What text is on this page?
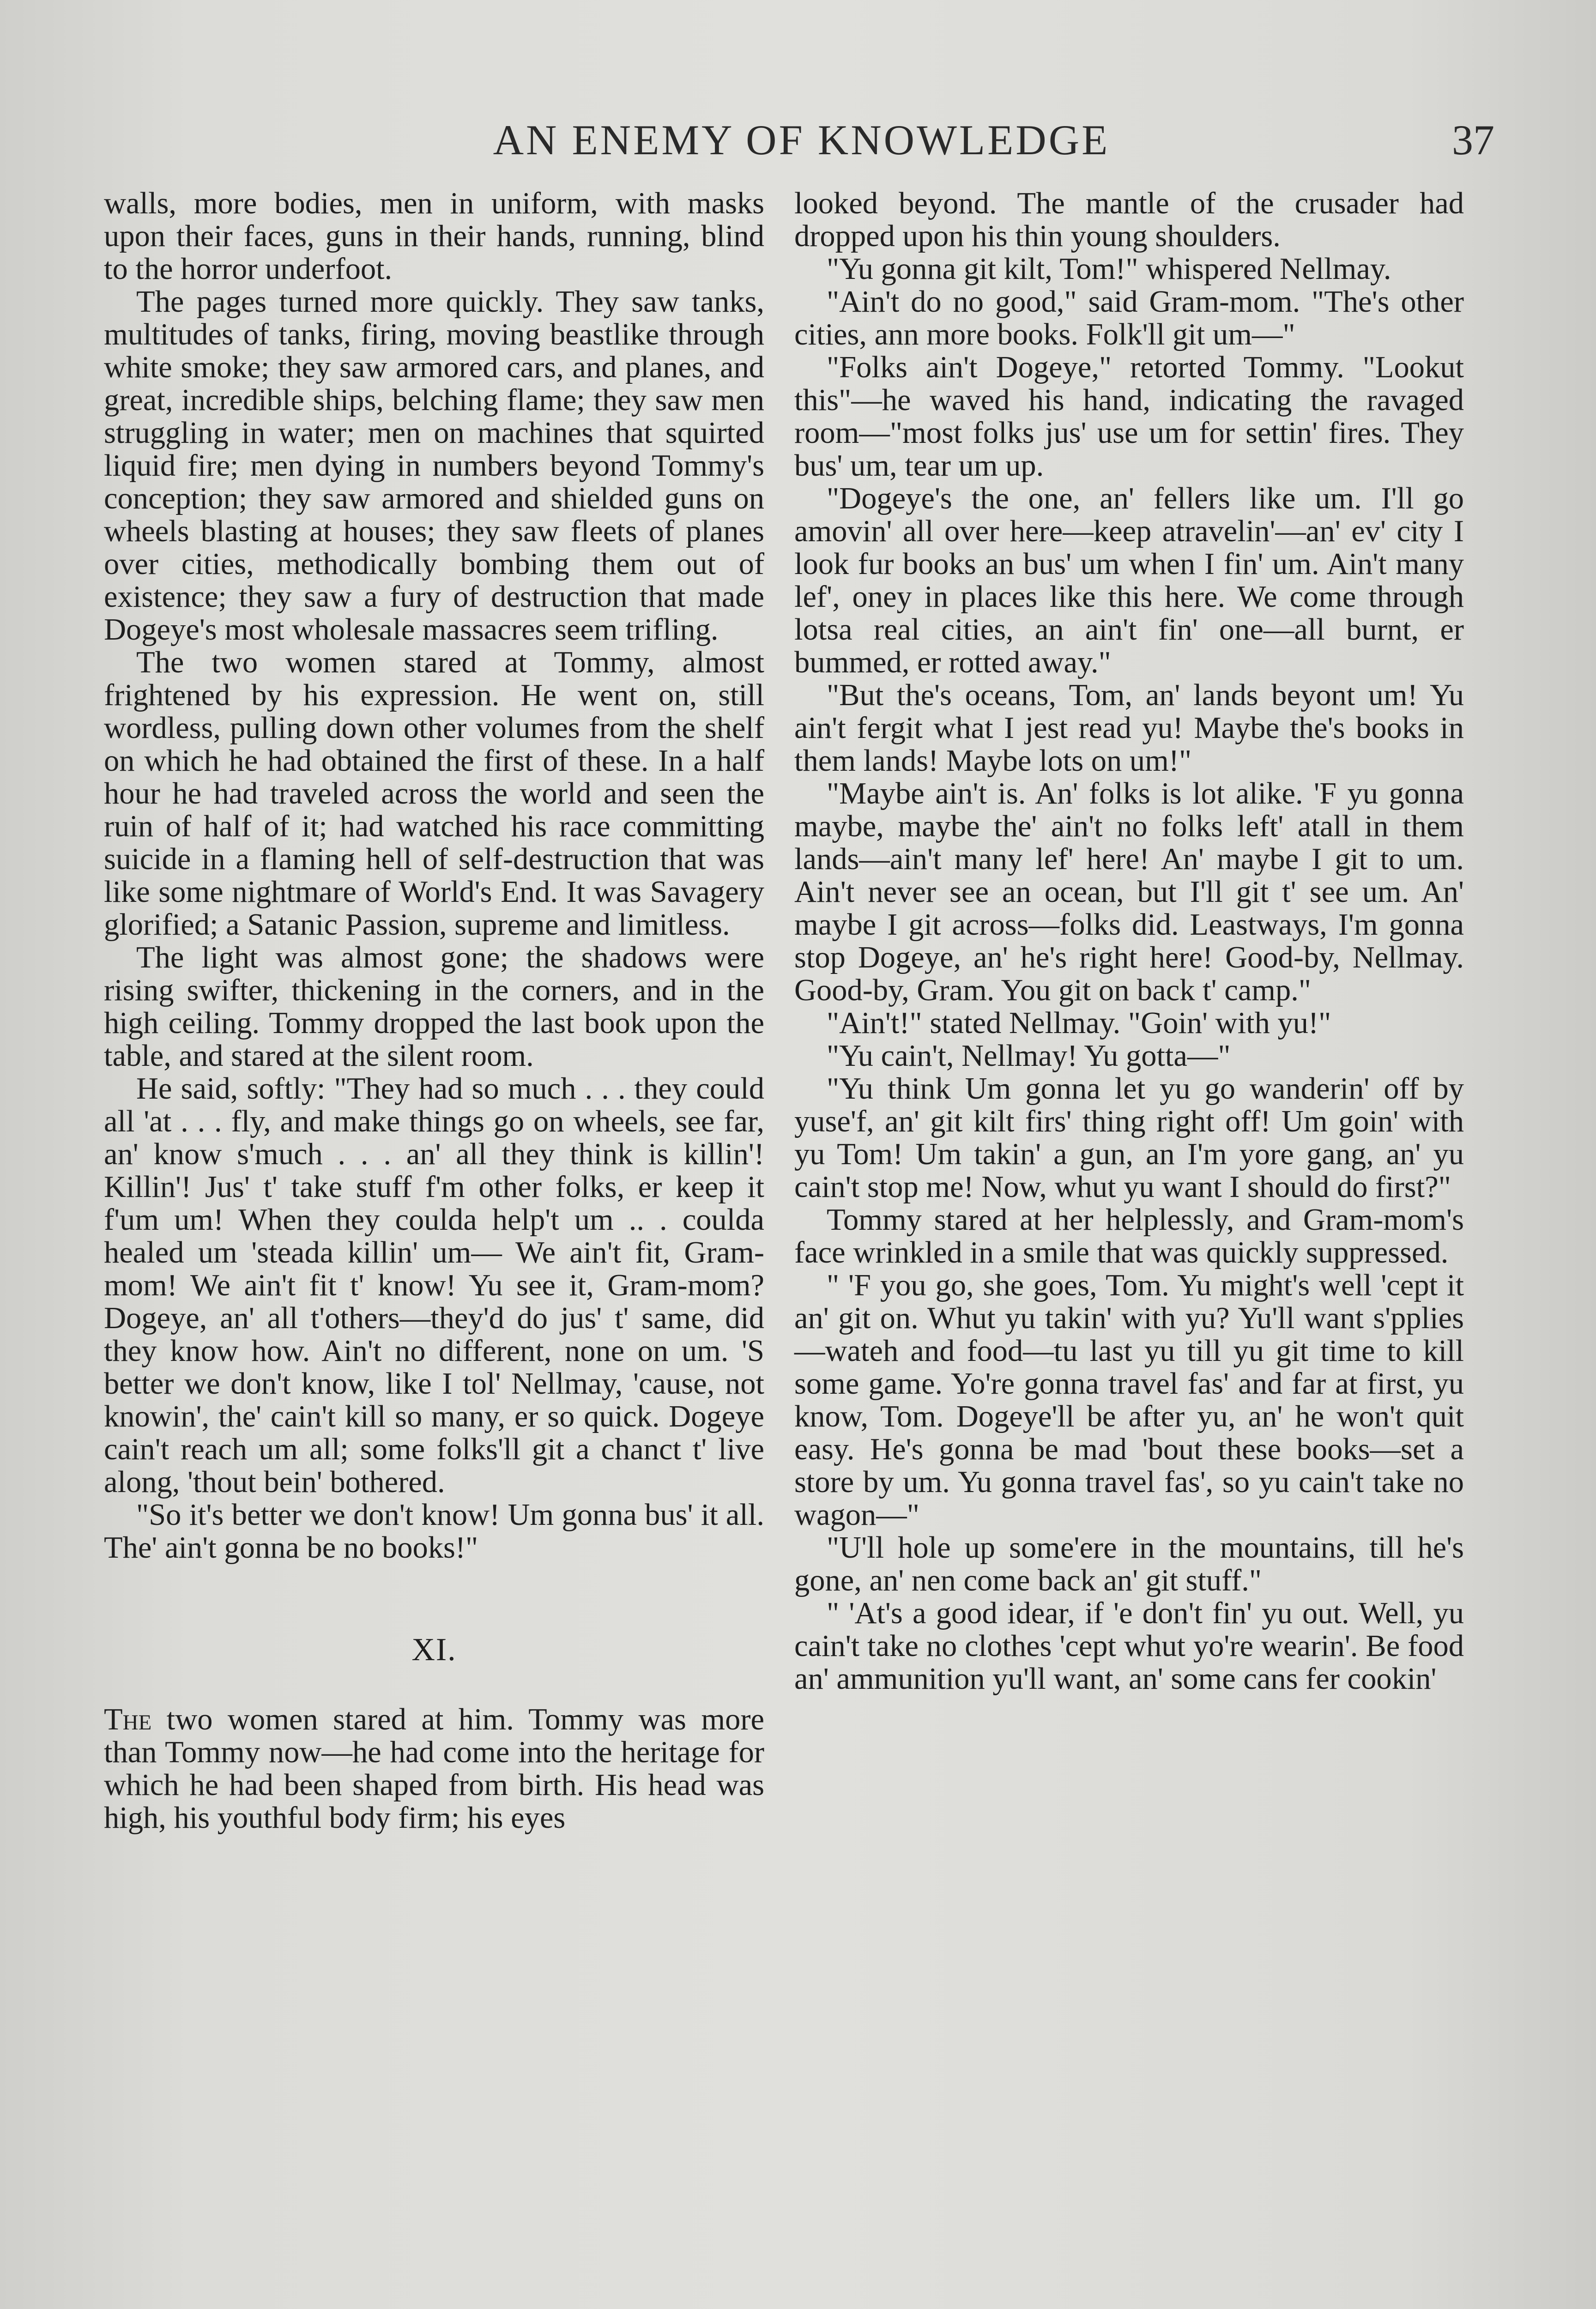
AN ENEMY OF KNOWLEDGE	37

walls, more bodies, men in uniform, with masks upon their faces, guns in their hands, running, blind to the horror underfoot.

The pages turned more quickly. They saw tanks, multitudes of tanks, firing, moving beastlike through white smoke; they saw armored cars, and planes, and great, incredible ships, belching flame; they saw men struggling in water; men on machines that squirted liquid fire; men dying in numbers beyond Tommy's conception; they saw armored and shielded guns on wheels blasting at houses; they saw fleets of planes over cities, methodically bombing them out of existence; they saw a fury of destruction that made Dogeye's most wholesale massacres seem trifling.

The two women stared at Tommy, almost frightened by his expression. He went on, still wordless, pulling down other volumes from the shelf on which he had obtained the first of these. In a half hour he had traveled across the world and seen the ruin of half of it; had watched his race committing suicide in a flaming hell of self-destruction that was like some nightmare of World's End. It was Savagery glorified; a Satanic Passion, supreme and limitless.

The light was almost gone; the shadows were rising swifter, thickening in the corners, and in the high ceiling. Tommy dropped the last book upon the table, and stared at the silent room.

He said, softly: "They had so much . . . they could all 'at . . . fly, and make things go on wheels, see far, an' know s'much . . . an' all they think is killin'! Killin'! Jus' t' take stuff f'm other folks, er keep it f'um um! When they coulda help't um .. . coulda healed um 'steada killin' um— We ain't fit, Gram-mom! We ain't fit t' know! Yu see it, Gram-mom? Dogeye, an' all t'others—they'd do jus' t' same, did they know how. Ain't no different, none on um. 'S better we don't know, like I tol' Nellmay, 'cause, not knowin', the' cain't kill so many, er so quick. Dogeye cain't reach um all; some folks'll git a chanct t' live along, 'thout bein' bothered.

"So it's better we don't know! Um gonna bus' it all. The' ain't gonna be no books!"

XI.

The two women stared at him. Tommy was more than Tommy now—he had come into the heritage for which he had been shaped from birth. His head was high, his youthful body firm; his eyes

looked beyond. The mantle of the crusader had dropped upon his thin young shoulders.

"Yu gonna git kilt, Tom!" whispered Nellmay.

"Ain't do no good," said Gram-mom. "The's other cities, ann more books. Folk'll git um—"

"Folks ain't Dogeye," retorted Tommy. "Lookut this"—he waved his hand, indicating the ravaged room—"most folks jus' use um for settin' fires. They bus' um, tear um up.

"Dogeye's the one, an' fellers like um. I'll go amovin' all over here—keep atravelin'—an' ev' city I look fur books an bus' um when I fin' um. Ain't many lef', oney in places like this here. We come through lotsa real cities, an ain't fin' one—all burnt, er bummed, er rotted away."

"But the's oceans, Tom, an' lands beyont um! Yu ain't fergit what I jest read yu! Maybe the's books in them lands! Maybe lots on um!"

"Maybe ain't is. An' folks is lot alike. 'F yu gonna maybe, maybe the' ain't no folks left' atall in them lands—ain't many lef' here! An' maybe I git to um. Ain't never see an ocean, but I'll git t' see um. An' maybe I git across—folks did. Leastways, I'm gonna stop Dogeye, an' he's right here! Good-by, Nellmay. Good-by, Gram. You git on back t' camp."

"Ain't!" stated Nellmay. "Goin' with yu!"

"Yu cain't, Nellmay! Yu gotta—"

"Yu think Um gonna let yu go wanderin' off by yuse'f, an' git kilt firs' thing right off! Um goin' with yu Tom! Um takin' a gun, an I'm yore gang, an' yu cain't stop me! Now, whut yu want I should do first?"

Tommy stared at her helplessly, and Gram-mom's face wrinkled in a smile that was quickly suppressed.

" 'F you go, she goes, Tom. Yu might's well 'cept it an' git on. Whut yu takin' with yu? Yu'll want s'pplies—wateh and food—tu last yu till yu git time to kill some game. Yo're gonna travel fas' and far at first, yu know, Tom. Dogeye'll be after yu, an' he won't quit easy. He's gonna be mad 'bout these books—set a store by um. Yu gonna travel fas', so yu cain't take no wagon—"

"U'll hole up some'ere in the mountains, till he's gone, an' nen come back an' git stuff."

" 'At's a good idear, if 'e don't fin' yu out. Well, yu cain't take no clothes 'cept whut yo're wearin'. Be food an' ammunition yu'll want, an' some cans fer cookin'
